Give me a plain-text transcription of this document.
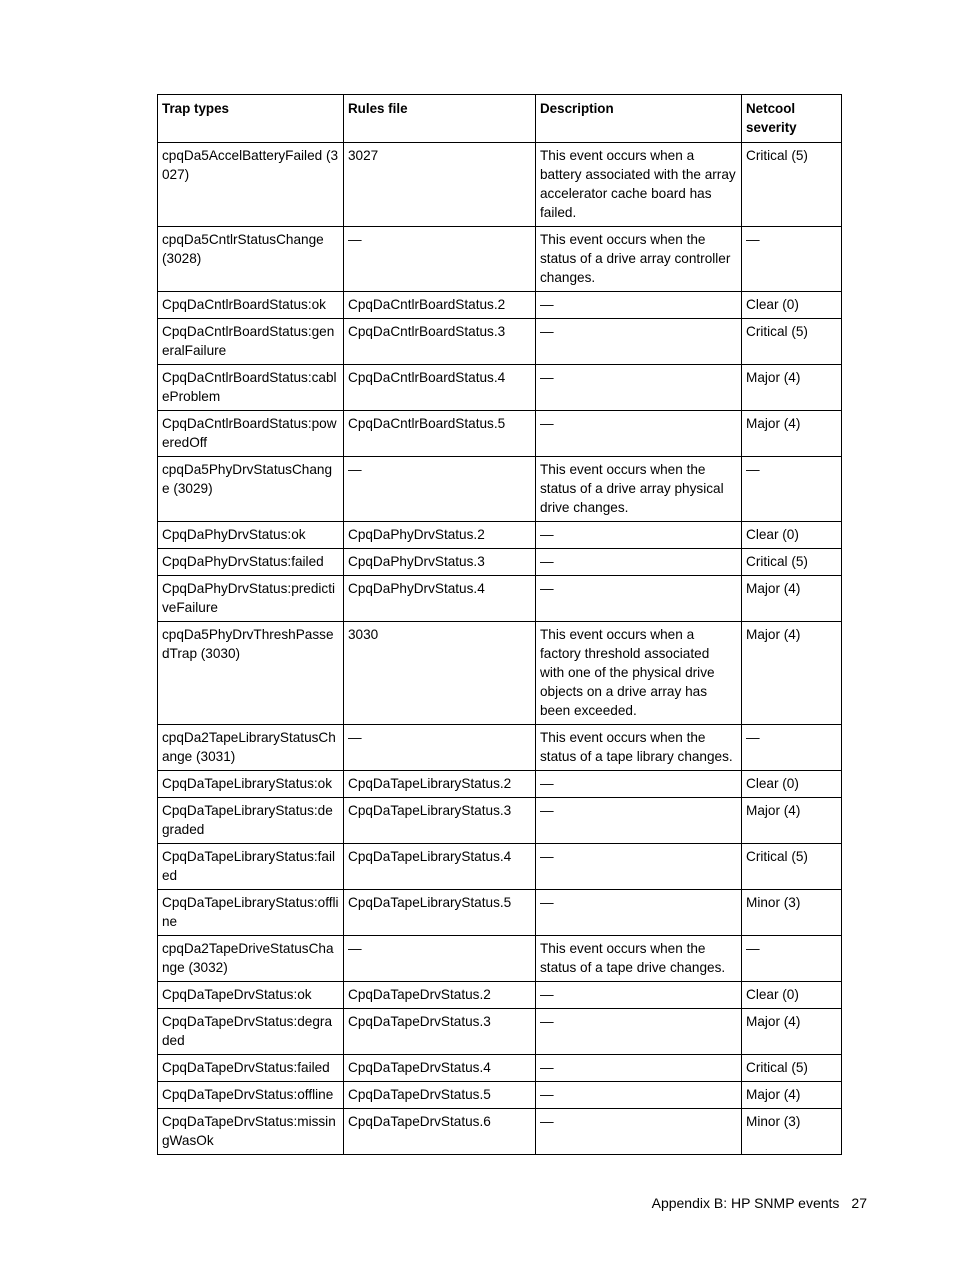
Trap types	Rules file	Description	Netcool severity
cpqDa5AccelBatteryFailed (3027)	3027	This event occurs when a battery associated with the array accelerator cache board has failed.	Critical (5)
cpqDa5CntlrStatusChange (3028)	—	This event occurs when the status of a drive array controller changes.	—
CpqDaCntlrBoardStatus:ok	CpqDaCntlrBoardStatus.2	—	Clear (0)
CpqDaCntlrBoardStatus:generalFailure	CpqDaCntlrBoardStatus.3	—	Critical (5)
CpqDaCntlrBoardStatus:cableProblem	CpqDaCntlrBoardStatus.4	—	Major (4)
CpqDaCntlrBoardStatus:poweredOff	CpqDaCntlrBoardStatus.5	—	Major (4)
cpqDa5PhyDrvStatusChange (3029)	—	This event occurs when the status of a drive array physical drive changes.	—
CpqDaPhyDrvStatus:ok	CpqDaPhyDrvStatus.2	—	Clear (0)
CpqDaPhyDrvStatus:failed	CpqDaPhyDrvStatus.3	—	Critical (5)
CpqDaPhyDrvStatus:predictiveFailure	CpqDaPhyDrvStatus.4	—	Major (4)
cpqDa5PhyDrvThreshPassedTrap (3030)	3030	This event occurs when a factory threshold associated with one of the physical drive objects on a drive array has been exceeded.	Major (4)
cpqDa2TapeLibraryStatusChange (3031)	—	This event occurs when the status of a tape library changes.	—
CpqDaTapeLibraryStatus:ok	CpqDaTapeLibraryStatus.2	—	Clear (0)
CpqDaTapeLibraryStatus:degraded	CpqDaTapeLibraryStatus.3	—	Major (4)
CpqDaTapeLibraryStatus:failed	CpqDaTapeLibraryStatus.4	—	Critical (5)
CpqDaTapeLibraryStatus:offline	CpqDaTapeLibraryStatus.5	—	Minor (3)
cpqDa2TapeDriveStatusChange (3032)	—	This event occurs when the status of a tape drive changes.	—
CpqDaTapeDrvStatus:ok	CpqDaTapeDrvStatus.2	—	Clear (0)
CpqDaTapeDrvStatus:degraded	CpqDaTapeDrvStatus.3	—	Major (4)
CpqDaTapeDrvStatus:failed	CpqDaTapeDrvStatus.4	—	Critical (5)
CpqDaTapeDrvStatus:offline	CpqDaTapeDrvStatus.5	—	Major (4)
CpqDaTapeDrvStatus:missingWasOk	CpqDaTapeDrvStatus.6	—	Minor (3)
Appendix B: HP SNMP events 27
